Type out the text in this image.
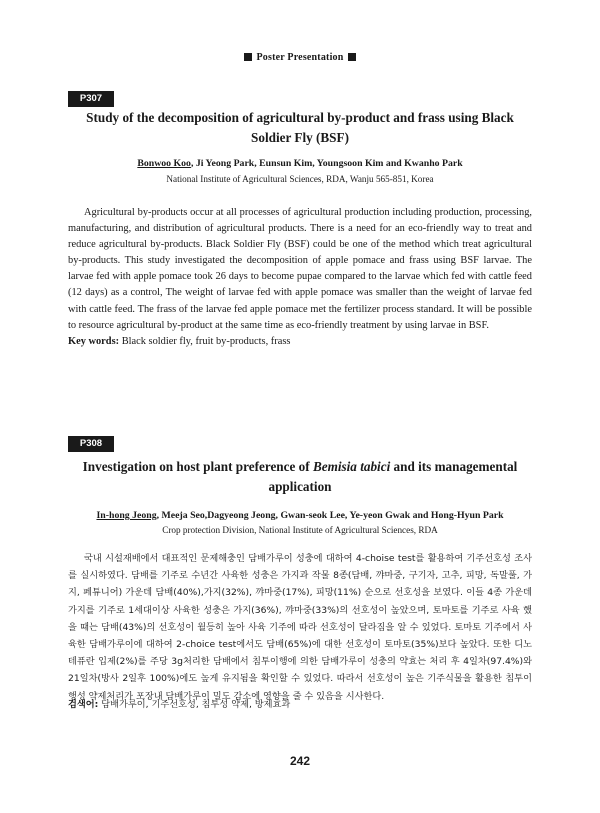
Poster Presentation
P307
Study of the decomposition of agricultural by-product and frass using Black Soldier Fly (BSF)
Bonwoo Koo, Ji Yeong Park, Eunsun Kim, Youngsoon Kim and Kwanho Park
National Institute of Agricultural Sciences, RDA, Wanju 565-851, Korea

Agricultural by-products occur at all processes of agricultural production including production, processing, manufacturing, and distribution of agricultural products. There is a need for an eco-friendly way to treat and reduce agricultural by-products. Black Soldier Fly (BSF) could be one of the method which treat agricultural by-products. This study investigated the decomposition of apple pomace and frass using BSF larvae. The larvae fed with apple pomace took 26 days to become pupae compared to the larvae which fed with cattle feed (12 days) as a control, The weight of larvae fed with apple pomace was smaller than the weight of larvae fed with cattle feed. The frass of the larvae fed apple pomace met the fertilizer process standard. It will be possible to resource agricultural by-product at the same time as eco-friendly treatment by using larvae in BSF.

Key words: Black soldier fly, fruit by-products, frass
P308
Investigation on host plant preference of Bemisia tabici and its managemental application
In-hong Jeong, Meeja Seo,Dagyeong Jeong, Gwan-seok Lee, Ye-yeon Gwak and Hong-Hyun Park
Crop protection Division, National Institute of Agricultural Sciences, RDA

국내 시설재배에서 대표적인 문제해충인 담배가루이 성충에 대하여 4-choise test를 활용하여 기주선호성 조사를 실시하였다. 담배를 기주로 수년간 사육한 성충은 가지과 작물 8종(담배, 꺄마중, 구기자, 고추, 피망, 독말풀, 가지, 페튜니어) 가운데 담배(40%),가지(32%), 꺄마중(17%), 피망(11%) 순으로 선호성을 보였다. 이들 4종 가운데 가지를 기주로 1세대이상 사육한 성충은 가지(36%), 꺄마중(33%)의 선호성이 높았으며, 토마토를 기주로 사육 했을 때는 담배(43%)의 선호성이 월등히 높아 사육 기주에 따라 선호성이 달라짐을 알 수 있었다. 토마토 기주에서 사육한 담배가루이에 대하여 2-choice test에서도 담배(65%)에 대한 선호성이 토마토(35%)보다 높았다. 또한 디노테퓨란 입제(2%)를 주당 3g처리한 담배에서 침투이행에 의한 담배가루이 성충의 약효는 처리 후 4일차(97.4%)와 21일차(방사 2일후 100%)에도 높게 유지됨을 확인할 수 있었다. 따라서 선호성이 높은 기주식물을 활용한 침투이행성 약제처리가 포장내 담배가루이 밀도 감소에 영향을 줄 수 있음을 시사한다.

검색어: 담배가루이, 기주선호성, 침투성 약제, 방제효과
242
